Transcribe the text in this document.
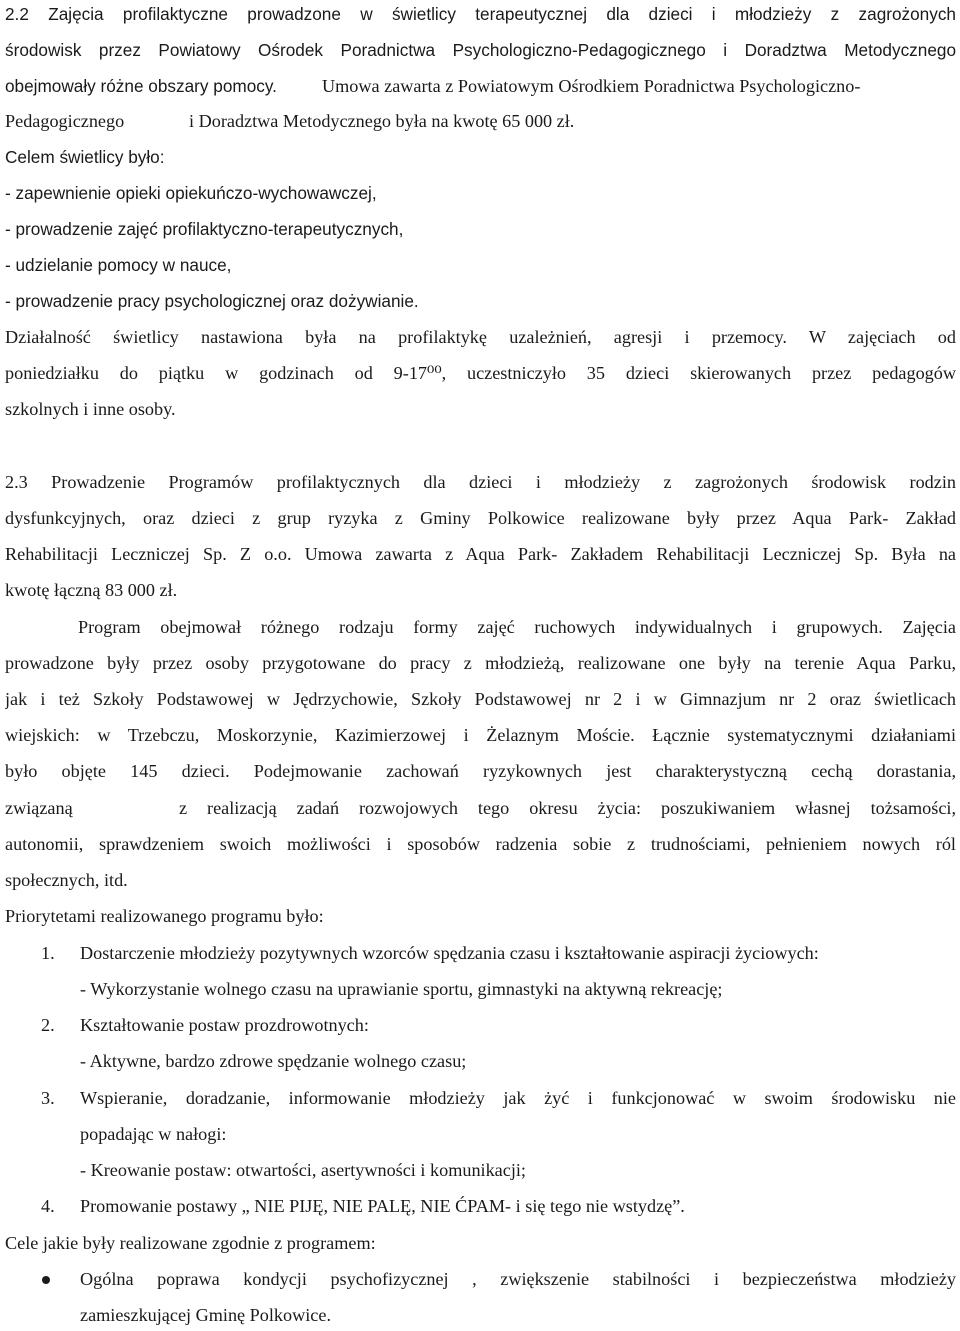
2.2 Zajęcia profilaktyczne prowadzone w świetlicy terapeutycznej dla dzieci i młodzieży z zagrożonych
środowisk przez Powiatowy Ośrodek Poradnictwa Psychologiczno-Pedagogicznego i Doradztwa Metodycznego
obejmowały różne obszary pomocy. Umowa zawarta z Powiatowym Ośrodkiem Poradnictwa Psychologiczno-
Pedagogicznego	i Doradztwa Metodycznego była na kwotę 65 000 zł.
Celem świetlicy było:
- zapewnienie opieki opiekuńczo-wychowawczej,
- prowadzenie zajęć profilaktyczno-terapeutycznych,
- udzielanie pomocy w nauce,
- prowadzenie pracy psychologicznej oraz dożywianie.
Działalność świetlicy nastawiona była na profilaktykę uzależnień, agresji i przemocy. W zajęciach od
poniedziałku do piątku w godzinach od 9-17⁰⁰, uczestniczyło 35 dzieci skierowanych przez pedagogów
szkolnych i inne osoby.
2.3 Prowadzenie Programów profilaktycznych dla dzieci i młodzieży z zagrożonych środowisk rodzin
dysfunkcyjnych, oraz dzieci z grup ryzyka z Gminy Polkowice realizowane były przez Aqua Park- Zakład
Rehabilitacji Leczniczej Sp. Z o.o. Umowa zawarta z Aqua Park- Zakładem Rehabilitacji Leczniczej Sp. Była na
kwotę łączną 83 000 zł.
Program obejmował różnego rodzaju formy zajęć ruchowych indywidualnych i grupowych. Zajęcia
prowadzone były przez osoby przygotowane do pracy z młodzieżą, realizowane one były na terenie Aqua Parku,
jak i też Szkoły Podstawowej w Jędrzychowie, Szkoły Podstawowej nr 2 i w Gimnazjum nr 2 oraz świetlicach
wiejskich: w Trzebczu, Moskorzynie, Kazimierzowej i Żelaznym Moście. Łącznie systematycznymi działaniami
było objęte 145 dzieci. Podejmowanie zachowań ryzykownych jest charakterystyczną cechą dorastania,
związaną	z realizacją zadań rozwojowych tego okresu życia: poszukiwaniem własnej tożsamości,
autonomii, sprawdzeniem swoich możliwości i sposobów radzenia sobie z trudnościami, pełnieniem nowych ról
społecznych, itd.
Priorytetami realizowanego programu było:
1. Dostarczenie młodzieży pozytywnych wzorców spędzania czasu i kształtowanie aspiracji życiowych:
- Wykorzystanie wolnego czasu na uprawianie sportu, gimnastyki na aktywną rekreację;
2. Kształtowanie postaw prozdrowotnych:
- Aktywne, bardzo zdrowe spędzanie wolnego czasu;
3. Wspieranie, doradzanie, informowanie młodzieży jak żyć i funkcjonować w swoim środowisku nie
popadając w nałogi:
- Kreowanie postaw: otwartości, asertywności i komunikacji;
4. Promowanie postawy „ NIE PIJĘ, NIE PALĘ, NIE ĆPAM- i się tego nie wstydzę”.
Cele jakie były realizowane zgodnie z programem:
Ogólna poprawa kondycji psychofizycznej , zwiększenie stabilności i bezpieczeństwa młodzieży
zamieszkującej Gminę Polkowice.
